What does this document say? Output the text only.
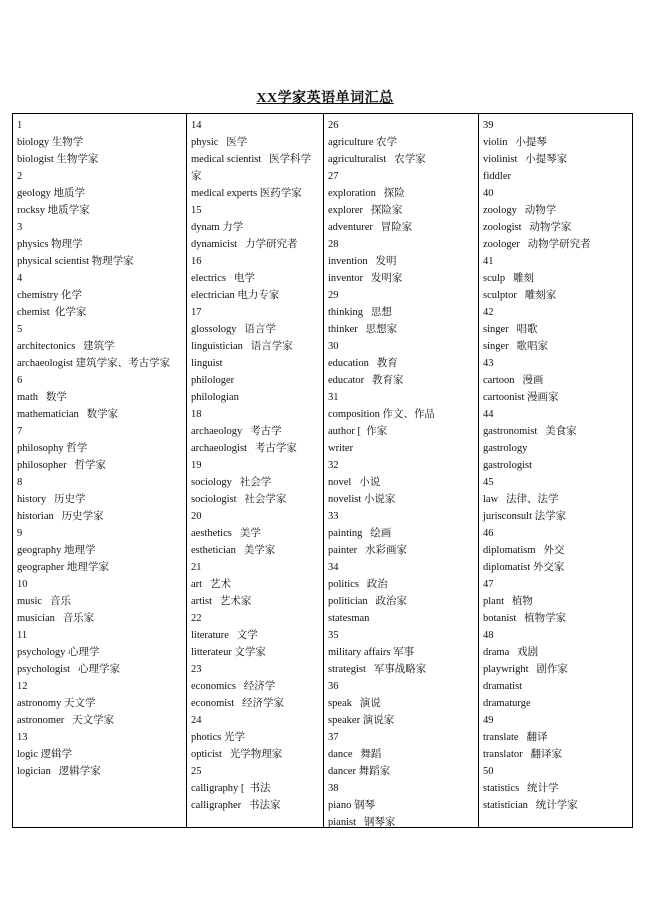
XX学家英语单词汇总
1
biology 生物学
biologist 生物学家
2
geology 地质学
rocksy 地质学家
3
physics 物理学
physical scientist 物理学家
4
chemistry 化学
chemist  化学家
5
architectonics   建筑学
archaeologist 建筑学家、考古学家
6
math   数学
mathematician   数学家
7
philosophy 哲学
philosopher   哲学家
8
history   历史学
historian   历史学家
9
geography 地理学
geographer 地理学家
10
music   音乐
musician   音乐家
11
psychology 心理学
psychologist   心理学家
12
astronomy 天文学
astronomer   天文学家
13
logic 逻辑学
logician   逻辑学家
14
physic   医学
medical scientist   医学科学家
medical experts 医药学家
15
dynam 力学
dynamicist   力学研究者
16
electrics   电学
electrician 电力专家
17
glossology   语言学
linguistician   语言学家
linguist
philologer
philologian
18
archaeology   考古学
archaeologist   考古学家
19
sociology   社会学
sociologist   社会学家
20
aesthetics   美学
esthetician   美学家
21
art   艺术
artist   艺术家
22
literature   文学
litterateur 文学家
23
economics   经济学
economist   经济学家
24
photics 光学
opticist   光学物理家
25
calligraphy [  书法
calligrapher   书法家
26
agriculture 农学
agriculturalist   农学家
27
exploration   探险
explorer   探险家
adventurer   冒险家
28
invention   发明
inventor   发明家
29
thinking   思想
thinker   思想家
30
education   教育
educator   教育家
31
composition 作文、作品
author [  作家
writer
32
novel   小说
novelist 小说家
33
painting   绘画
painter   水彩画家
34
politics   政治
politician   政治家
statesman
35
military affairs 军事
strategist   军事战略家
36
speak   演说
speaker 演说家
37
dance   舞蹈
dancer 舞蹈家
38
piano 钢琴
pianist   钢琴家
39
violin   小提琴
violinist   小提琴家
fiddler
40
zoology   动物学
zoologist   动物学家
zoologer   动物学研究者
41
sculp   雕刻
sculptor   雕刻家
42
singer   唱歌
singer   歌唱家
43
cartoon   漫画
cartoonist 漫画家
44
gastronomist   美食家
gastrology
gastrologist
45
law   法律、法学
jurisconsult 法学家
46
diplomatism   外交
diplomatist 外交家
47
plant   植物
botanist   植物学家
48
drama   戏剧
playwright   剧作家
dramatist
dramaturge
49
translate   翻译
translator   翻译家
50
statistics   统计学
statistician   统计学家
